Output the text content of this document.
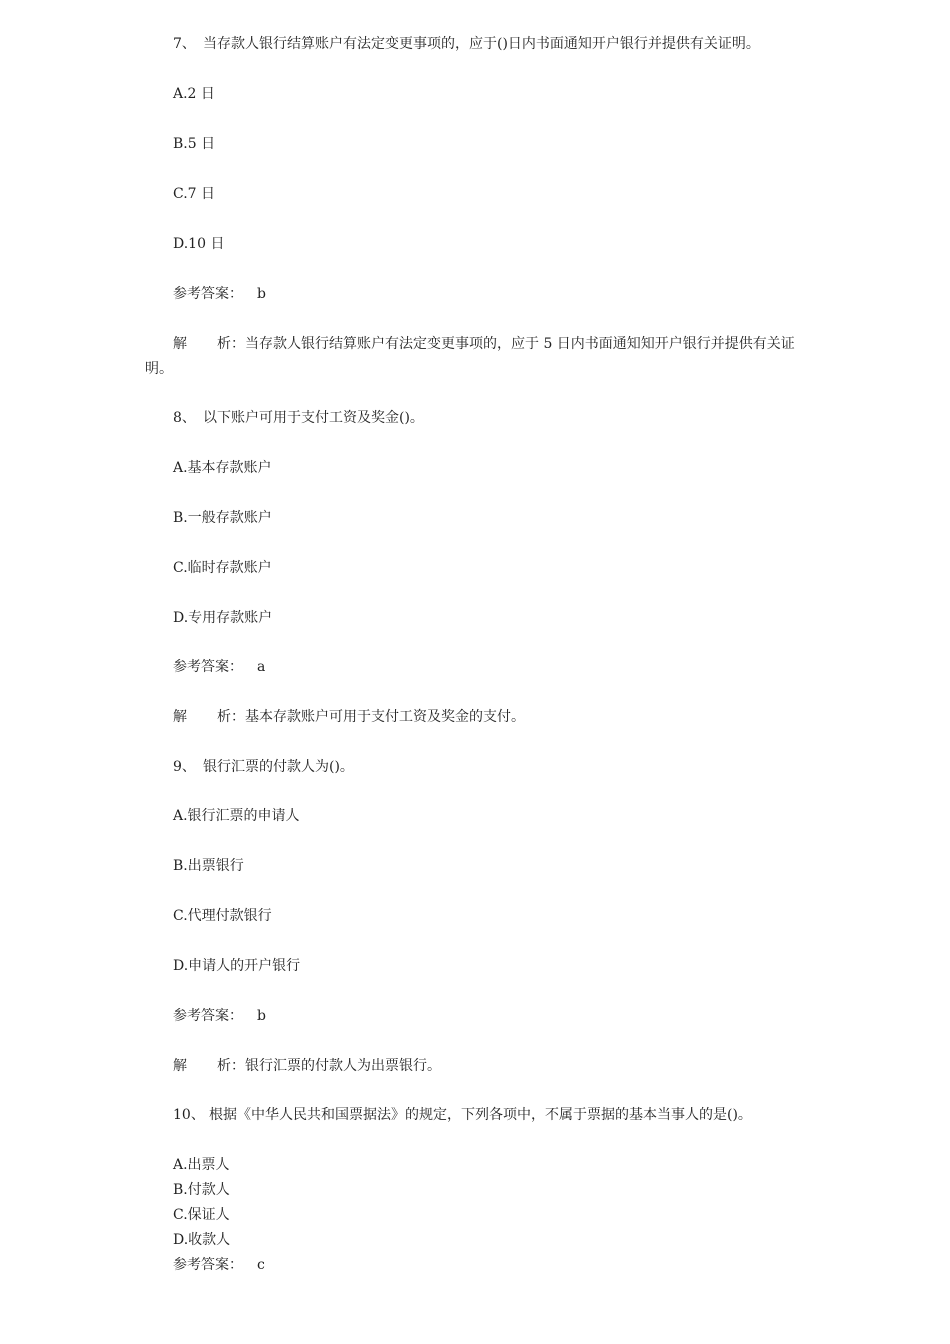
7、 当存款人银行结算账户有法定变更事项的，应于()日内书面通知开户银行并提供有关证明。
A.2 日
B.5 日
C.7 日
D.10 日
参考答案： b
解 析：当存款人银行结算账户有法定变更事项的，应于 5 日内书面通知知开户银行并提供有关证
明。
8、 以下账户可用于支付工资及奖金()。
A.基本存款账户
B.一般存款账户
C.临时存款账户
D.专用存款账户
参考答案： a
解 析：基本存款账户可用于支付工资及奖金的支付。
9、 银行汇票的付款人为()。
A.银行汇票的申请人
B.出票银行
C.代理付款银行
D.申请人的开户银行
参考答案： b
解 析：银行汇票的付款人为出票银行。
10、 根据《中华人民共和国票据法》的规定，下列各项中，不属于票据的基本当事人的是()。
A.出票人
B.付款人
C.保证人
D.收款人
参考答案： c
